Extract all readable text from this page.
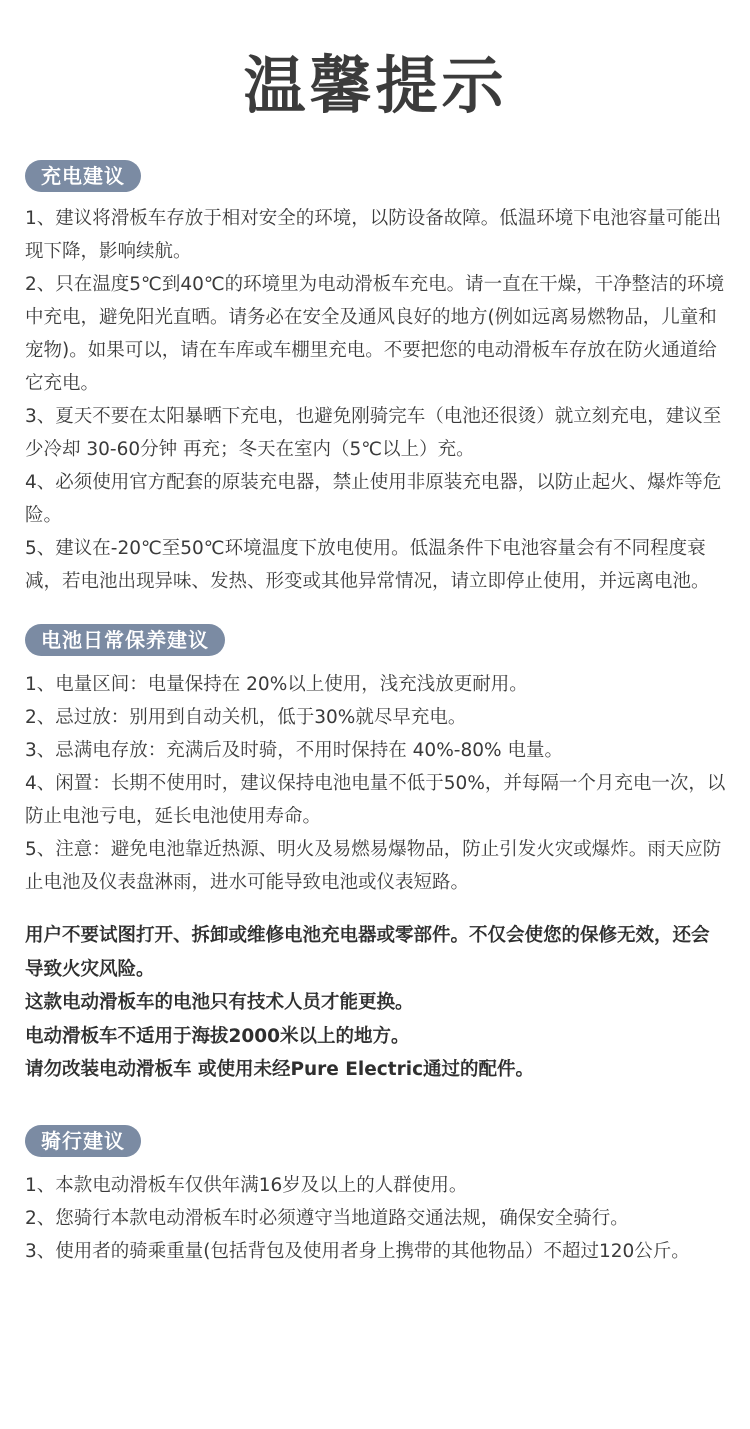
温馨提示
充电建议

1、建议将滑板车存放于相对安全的环境，以防设备故障。低温环境下电池容量可能出现下降，影响续航。

2、只在温度5℃到40℃的环境里为电动滑板车充电。请一直在干燥，干净整洁的环境中充电，避免阳光直晒。请务必在安全及通风良好的地方(例如远离易燃物品，儿童和宠物)。如果可以，请在车库或车棚里充电。不要把您的电动滑板车存放在防火通道给它充电。

3、夏天不要在太阳暴晒下充电，也避免刚骑完车（电池还很烫）就立刻充电，建议至少冷却 30-60分钟 再充；冬天在室内（5℃以上）充。

4、必须使用官方配套的原装充电器，禁止使用非原装充电器，以防止起火、爆炸等危险。

5、建议在-20℃至50℃环境温度下放电使用。低温条件下电池容量会有不同程度衰减，若电池出现异味、发热、形变或其他异常情况，请立即停止使用，并远离电池。

电池日常保养建议

1、电量区间：电量保持在 20%以上使用，浅充浅放更耐用。

2、忌过放：别用到自动关机，低于30%就尽早充电。

3、忌满电存放：充满后及时骑，不用时保持在 40%-80% 电量。

4、闲置：长期不使用时，建议保持电池电量不低于50%，并每隔一个月充电一次，以防止电池亏电，延长电池使用寿命。

5、注意：避免电池靠近热源、明火及易燃易爆物品，防止引发火灾或爆炸。雨天应防止电池及仪表盘淋雨，进水可能导致电池或仪表短路。

用户不要试图打开、拆卸或维修电池充电器或零部件。不仅会使您的保修无效，还会导致火灾风险。

这款电动滑板车的电池只有技术人员才能更换。

电动滑板车不适用于海拔2000米以上的地方。

请勿改装电动滑板车 或使用未经Pure Electric通过的配件。

骑行建议

1、本款电动滑板车仅供年满16岁及以上的人群使用。

2、您骑行本款电动滑板车时必须遵守当地道路交通法规，确保安全骑行。

3、使用者的骑乘重量(包括背包及使用者身上携带的其他物品）不超过120公斤。
